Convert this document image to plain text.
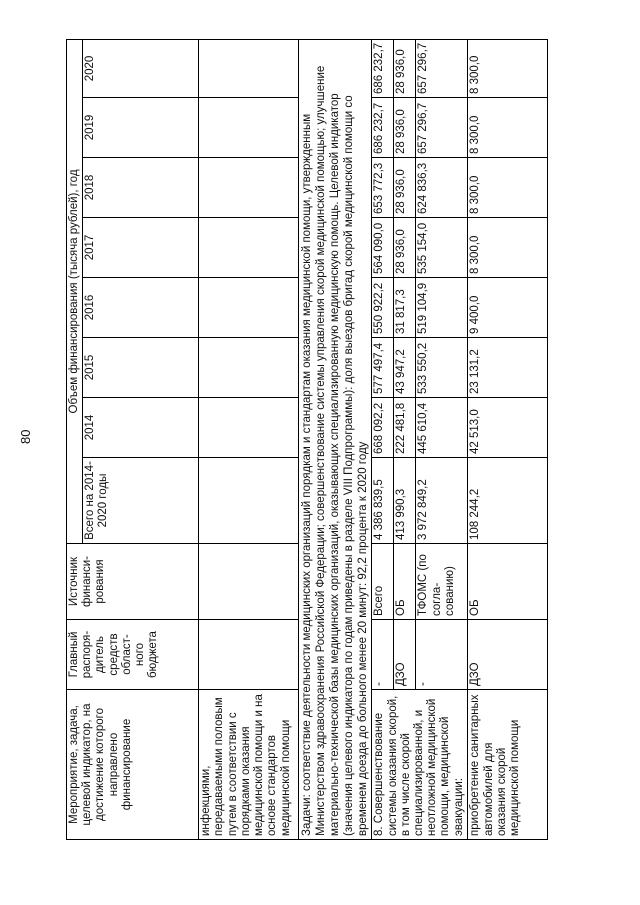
80
Мероприятие, задача, целевой индикатор, на достижение которого направлено финансирование	Главный распоря-дитель средств област-ного бюджета	Источник финанси-рования	Объем финансирования (тысяча рублей), год							
			Всего на 2014-2020 годы	2014	2015	2016	2017	2018	2019	2020
инфекциями, передаваемыми половым путем в соответствии с порядками оказания медицинской помощи и на основе стандартов медицинской помощи										
Задачи: соответствие деятельности медицинских организаций порядкам и стандартам оказания медицинской помощи, утвержденным Министерством здравоохранения Российской Федерации; совершенствование системы управления скорой медицинской помощью; улучшение материально-технической базы медицинских организаций, оказывающих специализированную медицинскую помощь. Целевой индикатор (значения целевого индикатора по годам приведены в разделе VIII Подпрограммы): доля выездов бригад скорой медицинской помощи со временем доезда до больного менее 20 минут: 92,2 процента к 2020 году										
8. Совершенствование системы оказания скорой, в том числе скорой специализированной, и неотложной медицинской помощи, медицинской эвакуации:	-	Всего	4 386 839,5	668 092,2	577 497,4	550 922,2	564 090,0	653 772,3	686 232,7	686 232,7
	ДЗО	ОБ	413 990,3	222 481,8	43 947,2	31 817,3	28 936,0	28 936,0	28 936,0	28 936,0
	-	ТФОМС (по согла-сованию)	3 972 849,2	445 610,4	533 550,2	519 104,9	535 154,0	624 836,3	657 296,7	657 296,7
приобретение санитарных автомобилей для оказания скорой медицинской помощи	ДЗО	ОБ	108 244,2	42 513,0	23 131,2	9 400,0	8 300,0	8 300,0	8 300,0	8 300,0
